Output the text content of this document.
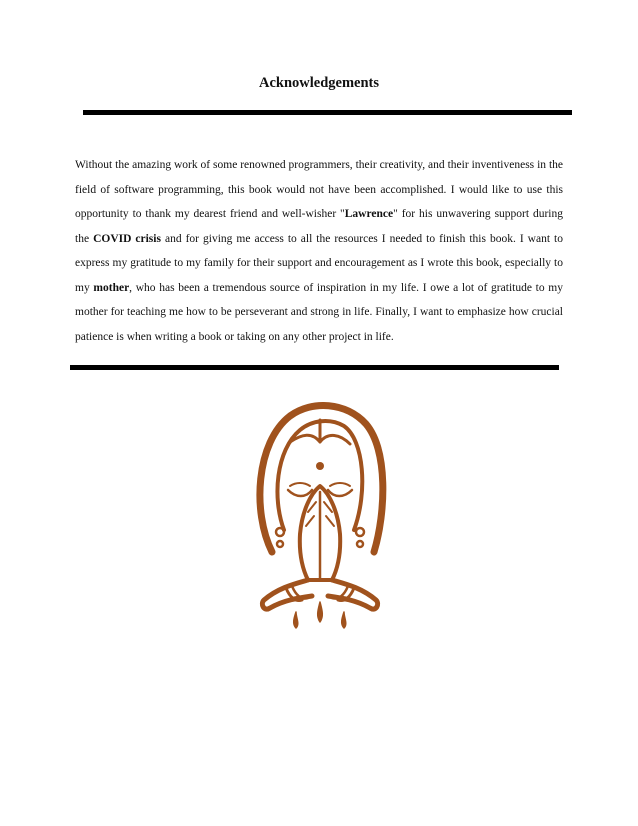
Acknowledgements

Without the amazing work of some renowned programmers, their creativity, and their inventiveness in the field of software programming, this book would not have been accomplished. I would like to use this opportunity to thank my dearest friend and well-wisher "Lawrence" for his unwavering support during the COVID crisis and for giving me access to all the resources I needed to finish this book. I want to express my gratitude to my family for their support and encouragement as I wrote this book, especially to my mother, who has been a tremendous source of inspiration in my life. I owe a lot of gratitude to my mother for teaching me how to be perseverant and strong in life. Finally, I want to emphasize how crucial patience is when writing a book or taking on any other project in life.
